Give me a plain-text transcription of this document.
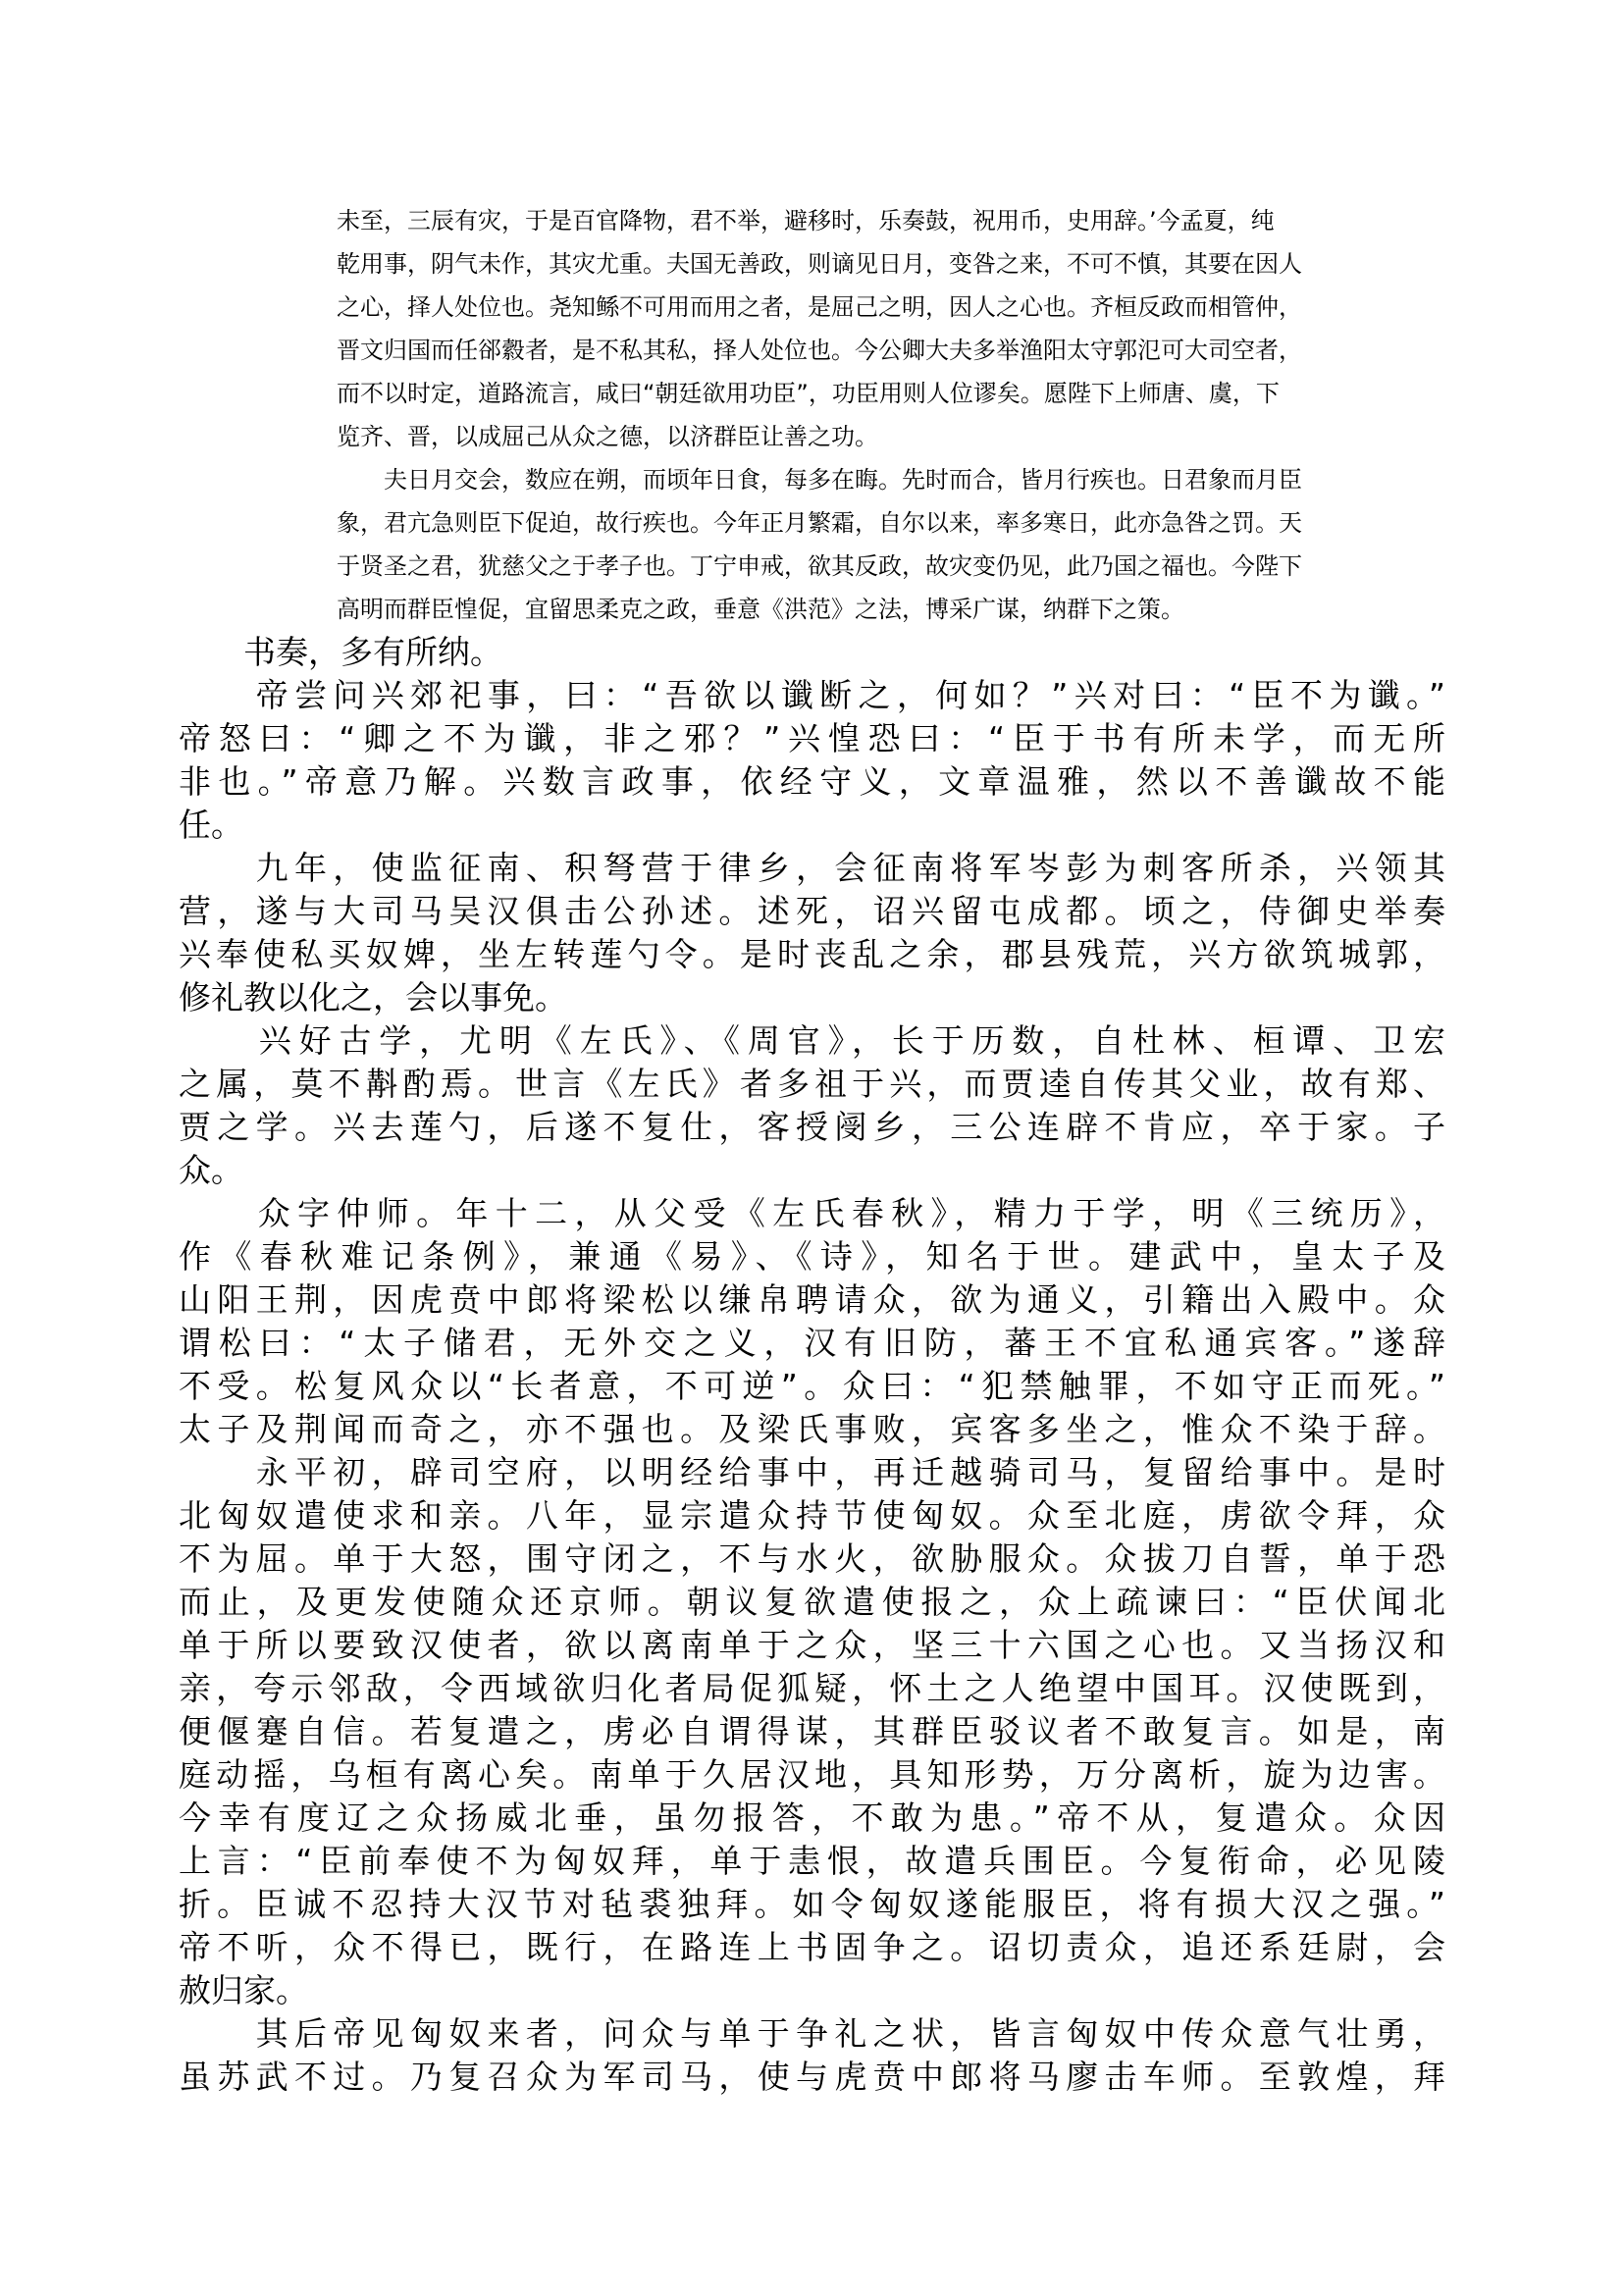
未至，三辰有灾，于是百官降物，君不举，避移时，乐奏鼓，祝用币，史用辞。’今孟夏，纯
乾用事，阴气未作，其灾尤重。夫国无善政，则谪见日月，变咎之来，不可不慎，其要在因人
之心，择人处位也。尧知鲧不可用而用之者，是屈己之明，因人之心也。齐桓反政而相管仲，
晋文归国而任郤縠者，是不私其私，择人处位也。今公卿大夫多举渔阳太守郭氾可大司空者，
而不以时定，道路流言，咸曰“朝廷欲用功臣”，功臣用则人位谬矣。愿陛下上师唐、虞，下
览齐、晋，以成屈己从众之德，以济群臣让善之功。
　　夫日月交会，数应在朔，而顷年日食，每多在晦。先时而合，皆月行疾也。日君象而月臣
象，君亢急则臣下促迫，故行疾也。今年正月繁霜，自尔以来，率多寒日，此亦急咎之罚。天
于贤圣之君，犹慈父之于孝子也。丁宁申戒，欲其反政，故灾变仍见，此乃国之福也。今陛下
高明而群臣惶促，宜留思柔克之政，垂意《洪范》之法，博采广谋，纳群下之策。
　　书奏，多有所纳。
　　帝尝问兴郊祀事，曰：“吾欲以谶断之，何如？”兴对曰：“臣不为谶。”
帝怒曰：“卿之不为谶，非之邪？”兴惶恐曰：“臣于书有所未学，而无所
非也。”帝意乃解。兴数言政事，依经守义，文章温雅，然以不善谶故不能
任。
　　九年，使监征南、积弩营于律乡，会征南将军岑彭为刺客所杀，兴领其
营，遂与大司马吴汉俱击公孙述。述死，诏兴留屯成都。顷之，侍御史举奏
兴奉使私买奴婢，坐左转莲勺令。是时丧乱之余，郡县残荒，兴方欲筑城郭，
修礼教以化之，会以事免。
　　兴好古学，尤明《左氏》、《周官》，长于历数，自杜林、桓谭、卫宏
之属，莫不斠酌焉。世言《左氏》者多祖于兴，而贾逵自传其父业，故有郑、
贾之学。兴去莲勺，后遂不复仕，客授阌乡，三公连辟不肯应，卒于家。子
众。
　　众字仲师。年十二，从父受《左氏春秋》，精力于学，明《三统历》，
作《春秋难记条例》，兼通《易》、《诗》，知名于世。建武中，皇太子及
山阳王荆，因虎贲中郎将梁松以缣帛聘请众，欲为通义，引籍出入殿中。众
谓松曰：“太子储君，无外交之义，汉有旧防，蕃王不宜私通宾客。”遂辞
不受。松复风众以“长者意，不可逆”。众曰：“犯禁触罪，不如守正而死。”
太子及荆闻而奇之，亦不强也。及梁氏事败，宾客多坐之，惟众不染于辞。
　　永平初，辟司空府，以明经给事中，再迁越骑司马，复留给事中。是时
北匈奴遣使求和亲。八年，显宗遣众持节使匈奴。众至北庭，虏欲令拜，众
不为屈。单于大怒，围守闭之，不与水火，欲胁服众。众拔刀自誓，单于恐
而止，及更发使随众还京师。朝议复欲遣使报之，众上疏谏曰：“臣伏闻北
单于所以要致汉使者，欲以离南单于之众，坚三十六国之心也。又当扬汉和
亲，夸示邻敌，令西域欲归化者局促狐疑，怀土之人绝望中国耳。汉使既到，
便偃蹇自信。若复遣之，虏必自谓得谋，其群臣驳议者不敢复言。如是，南
庭动摇，乌桓有离心矣。南单于久居汉地，具知形势，万分离析，旋为边害。
今幸有度辽之众扬威北垂，虽勿报答，不敢为患。”帝不从，复遣众。众因
上言：“臣前奉使不为匈奴拜，单于恚恨，故遣兵围臣。今复衔命，必见陵
折。臣诚不忍持大汉节对毡裘独拜。如令匈奴遂能服臣，将有损大汉之强。”
帝不听，众不得已，既行，在路连上书固争之。诏切责众，追还系廷尉，会
赦归家。
　　其后帝见匈奴来者，问众与单于争礼之状，皆言匈奴中传众意气壮勇，
虽苏武不过。乃复召众为军司马，使与虎贲中郎将马廖击车师。至敦煌，拜
